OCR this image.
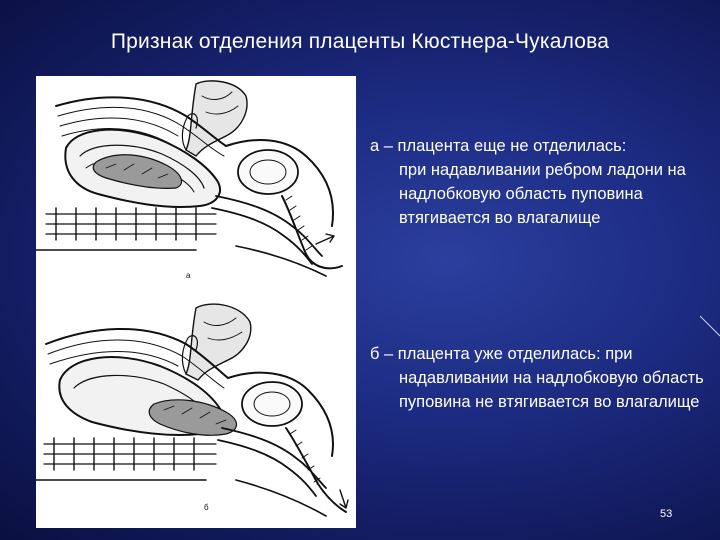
Признак отделения плаценты Кюстнера-Чукалова
а
б
а – плацента еще не отделилась:
при надавливании ребром ладони на надлобковую область пуповина втягивается во влагалище
б – плацента уже отделилась: при
надавливании на надлобковую область пуповина не втягивается во влагалище
53
